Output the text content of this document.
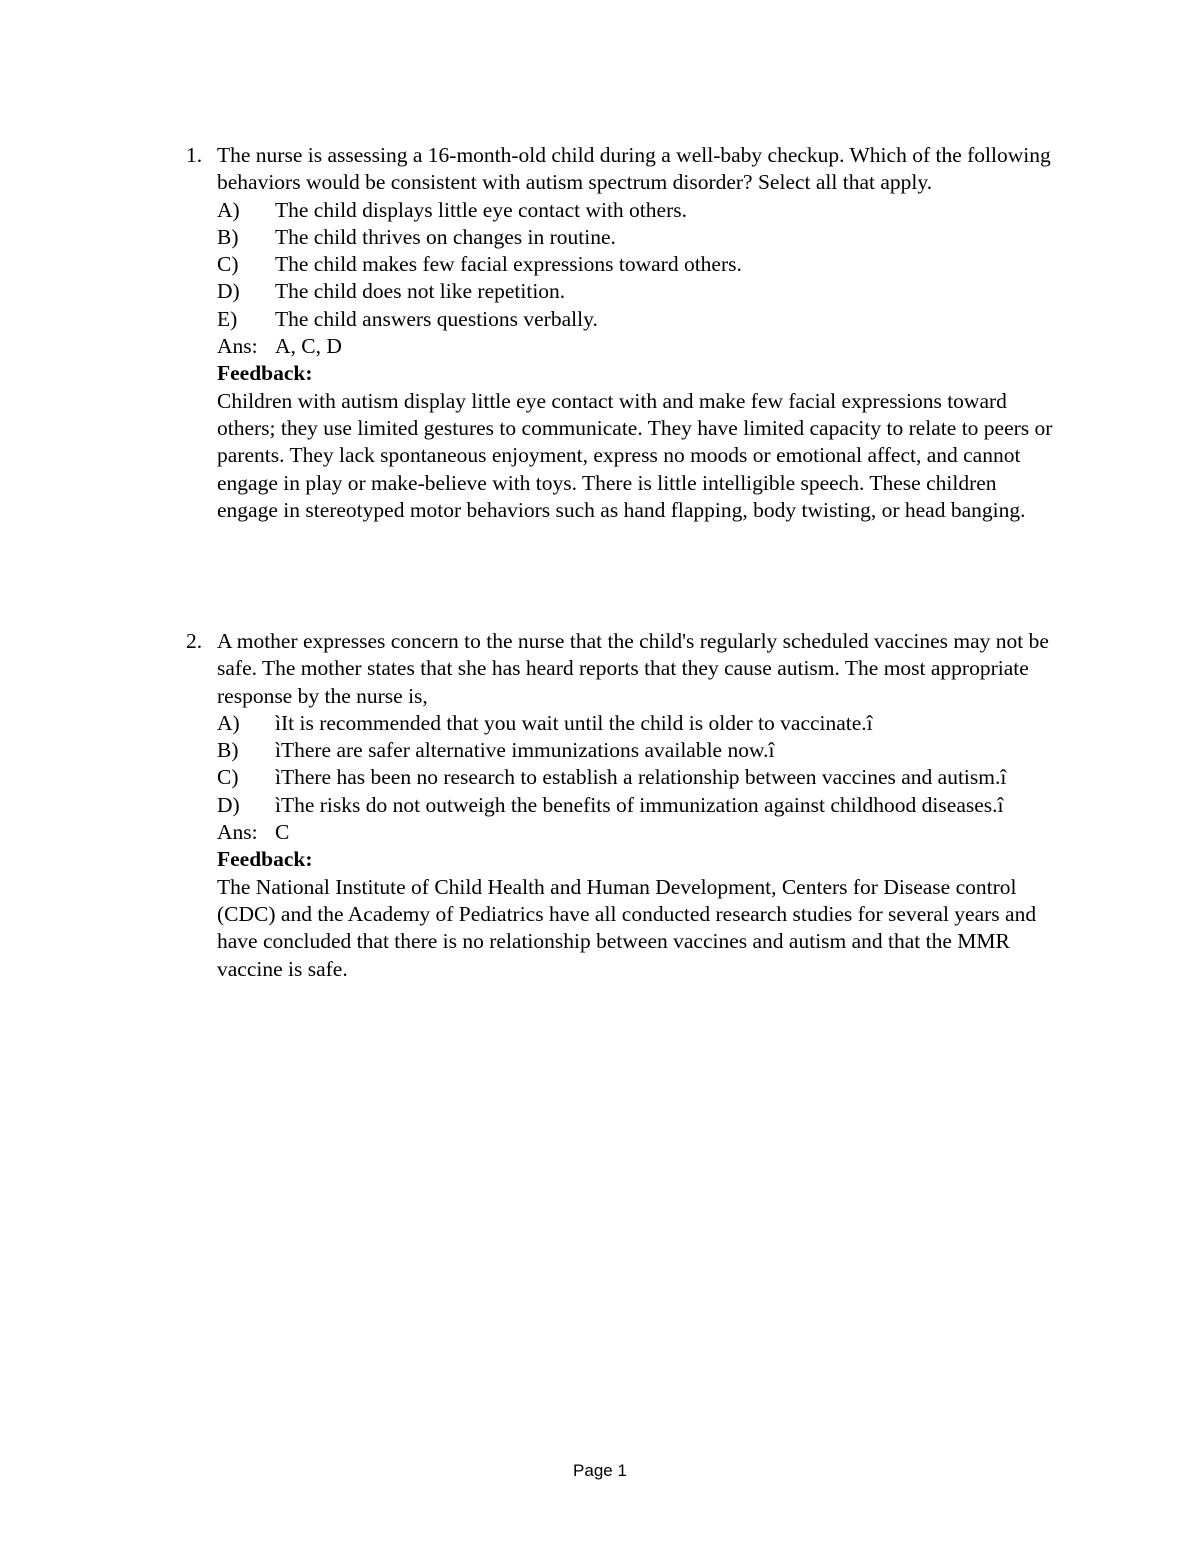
1. The nurse is assessing a 16-month-old child during a well-baby checkup. Which of the following behaviors would be consistent with autism spectrum disorder? Select all that apply.

A)	The child displays little eye contact with others.
B)	The child thrives on changes in routine.
C)	The child makes few facial expressions toward others.
D)	The child does not like repetition.
E)	The child answers questions verbally.
Ans: A, C, D
Feedback:

Children with autism display little eye contact with and make few facial expressions toward others; they use limited gestures to communicate. They have limited capacity to relate to peers or parents. They lack spontaneous enjoyment, express no moods or emotional affect, and cannot engage in play or make-believe with toys. There is little intelligible speech. These children engage in stereotyped motor behaviors such as hand flapping, body twisting, or head banging.

2. A mother expresses concern to the nurse that the child's regularly scheduled vaccines may not be safe. The mother states that she has heard reports that they cause autism. The most appropriate response by the nurse is,

A)	ìIt is recommended that you wait until the child is older to vaccinate.î
B)	ìThere are safer alternative immunizations available now.î
C)	ìThere has been no research to establish a relationship between vaccines and autism.î
D)	ìThe risks do not outweigh the benefits of immunization against childhood diseases.î
Ans: C
Feedback:

The National Institute of Child Health and Human Development, Centers for Disease control (CDC) and the Academy of Pediatrics have all conducted research studies for several years and have concluded that there is no relationship between vaccines and autism and that the MMR vaccine is safe.

Page 1
